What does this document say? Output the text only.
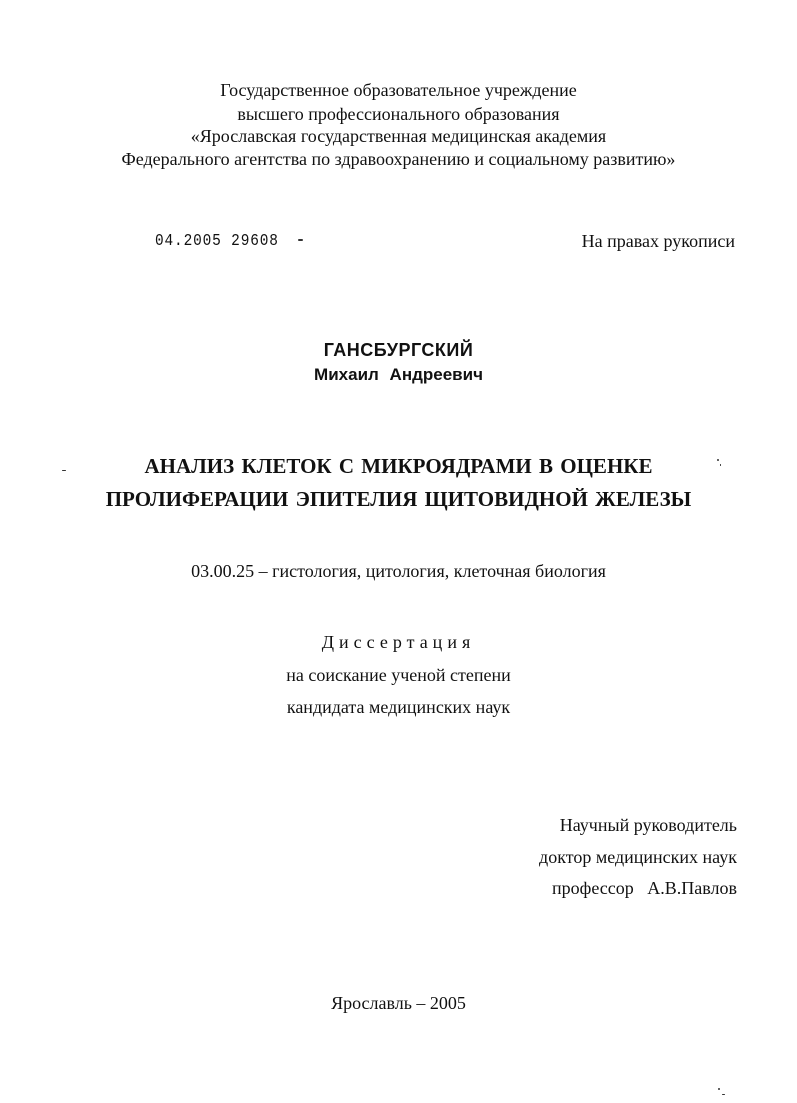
Государственное образовательное учреждение
высшего профессионального образования
«Ярославская государственная медицинская академия
Федерального агентства по здравоохранению и социальному развитию»
04.2005 29608	На правах рукописи
ГАНСБУРГСКИЙ
Михаил Андреевич
АНАЛИЗ КЛЕТОК С МИКРОЯДРАМИ В ОЦЕНКЕ
ПРОЛИФЕРАЦИИ ЭПИТЕЛИЯ ЩИТОВИДНОЙ ЖЕЛЕЗЫ
03.00.25 – гистология, цитология, клеточная биология
Диссертация
на соискание ученой степени
кандидата медицинских наук
Научный руководитель
доктор медицинских наук
профессор   А.В.Павлов
Ярославль – 2005
